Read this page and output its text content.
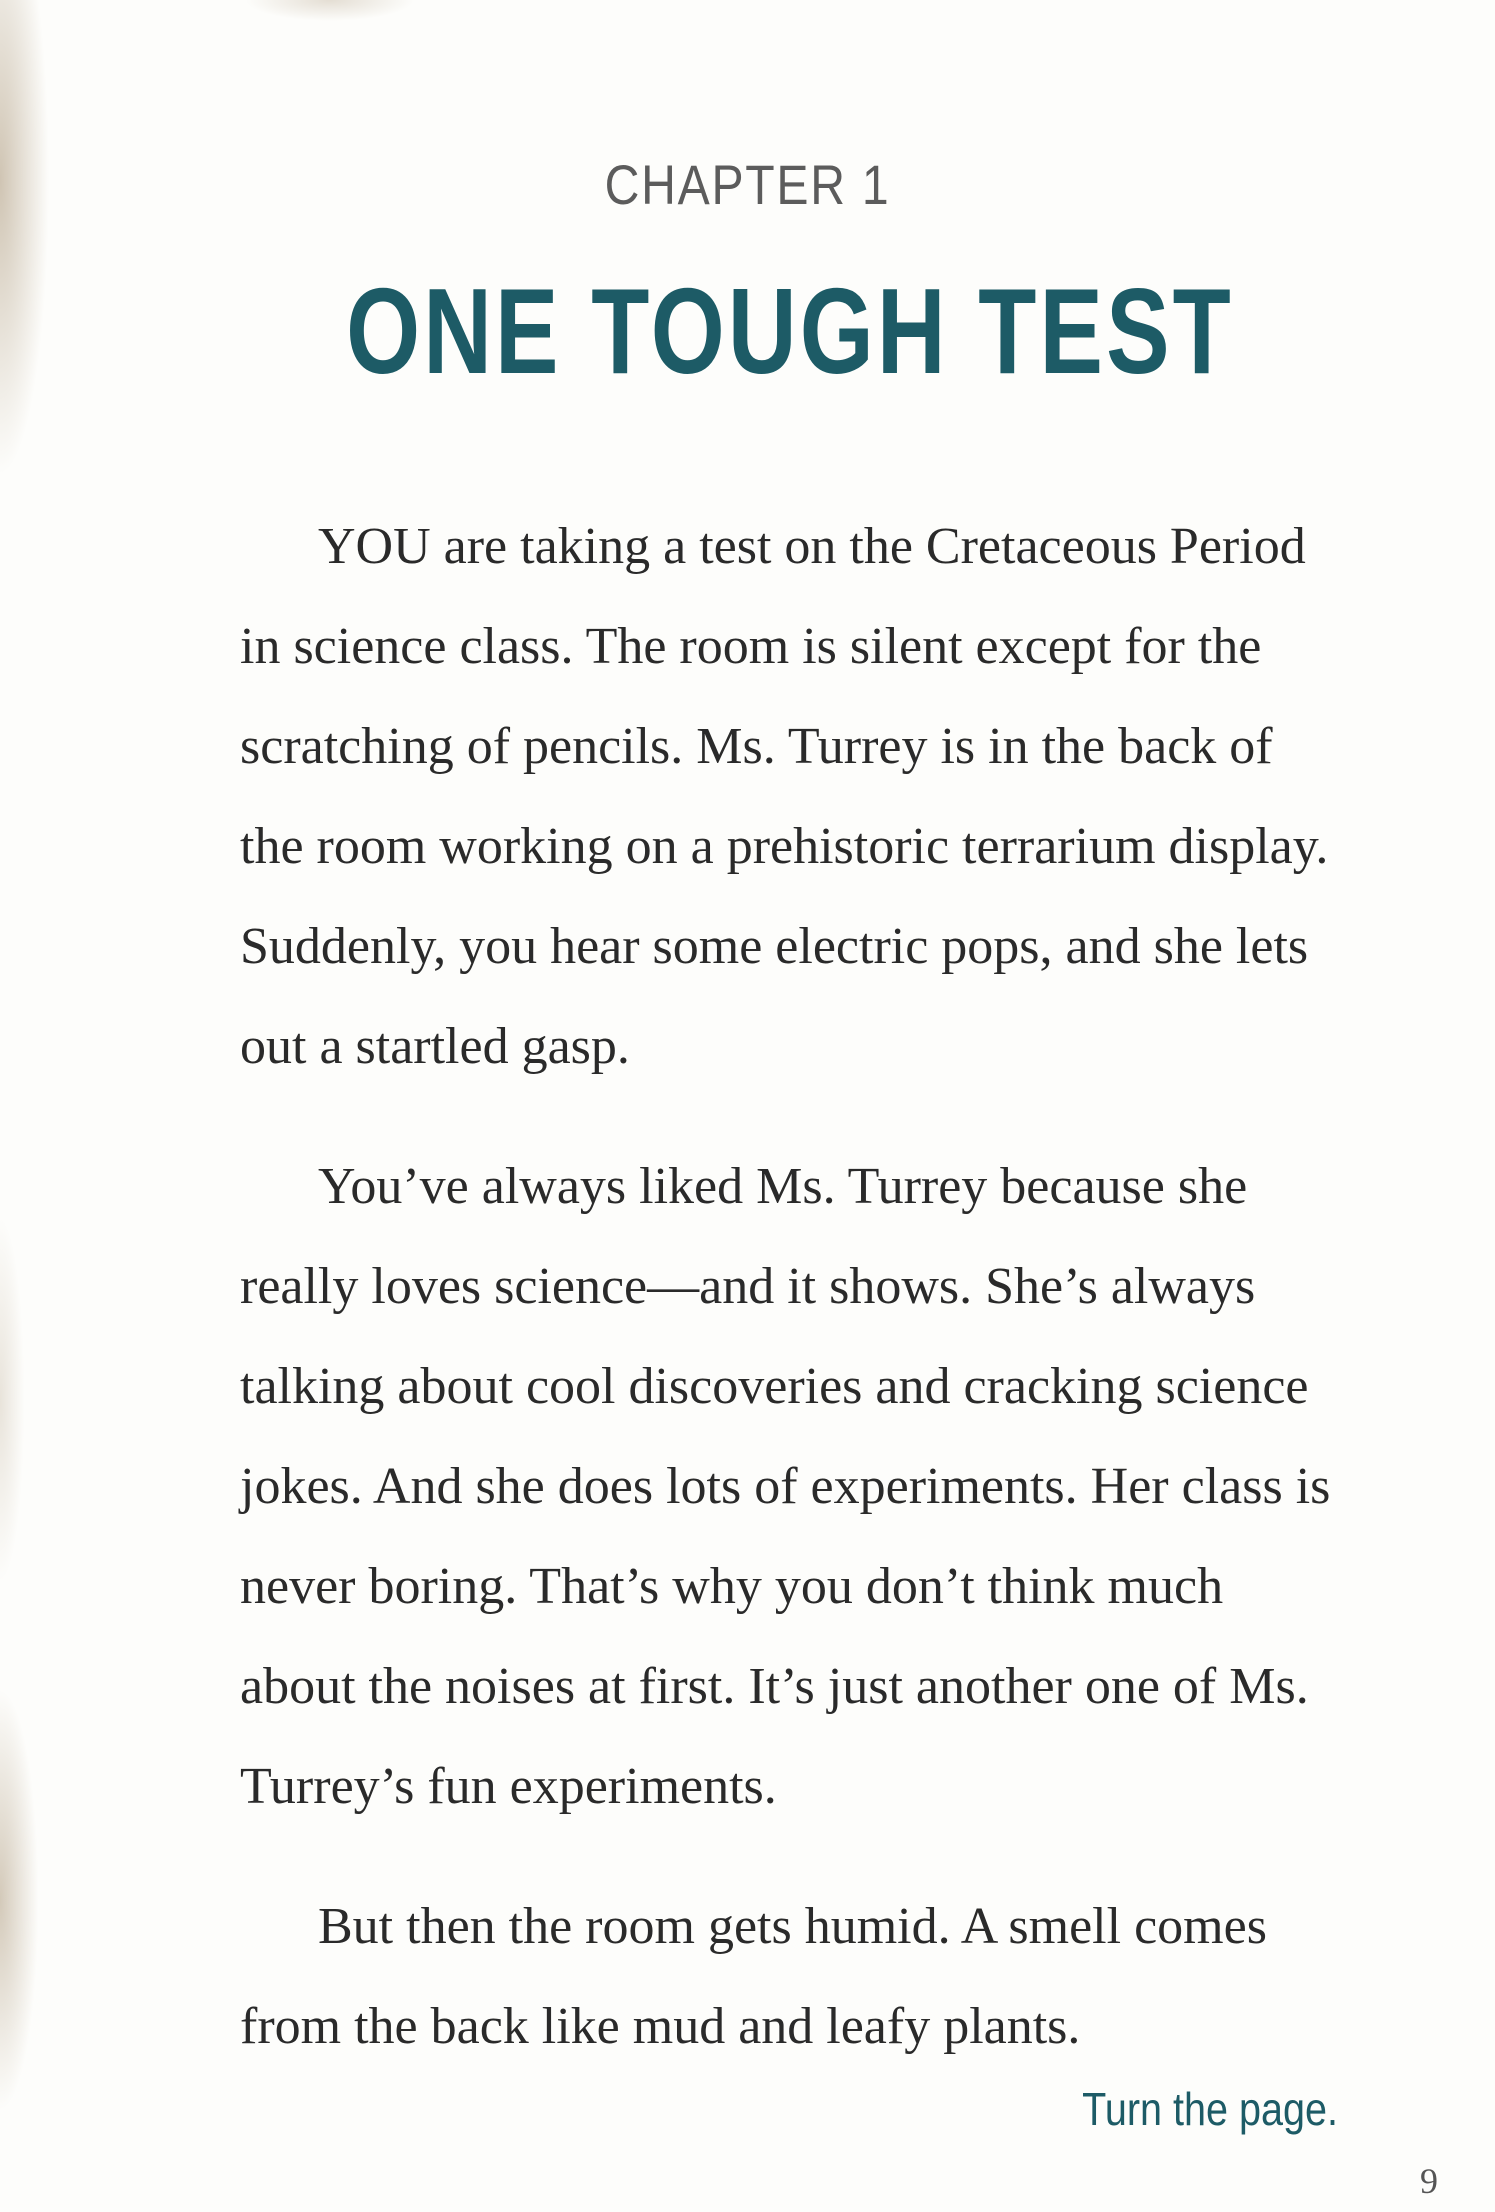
CHAPTER 1
ONE TOUGH TEST

YOU are taking a test on the Cretaceous Period in science class. The room is silent except for the scratching of pencils. Ms. Turrey is in the back of the room working on a prehistoric terrarium display. Suddenly, you hear some electric pops, and she lets out a startled gasp.

You’ve always liked Ms. Turrey because she really loves science—and it shows. She’s always talking about cool discoveries and cracking science jokes. And she does lots of experiments. Her class is never boring. That’s why you don’t think much about the noises at first. It’s just another one of Ms. Turrey’s fun experiments.

But then the room gets humid. A smell comes from the back like mud and leafy plants.

Turn the page.
9
